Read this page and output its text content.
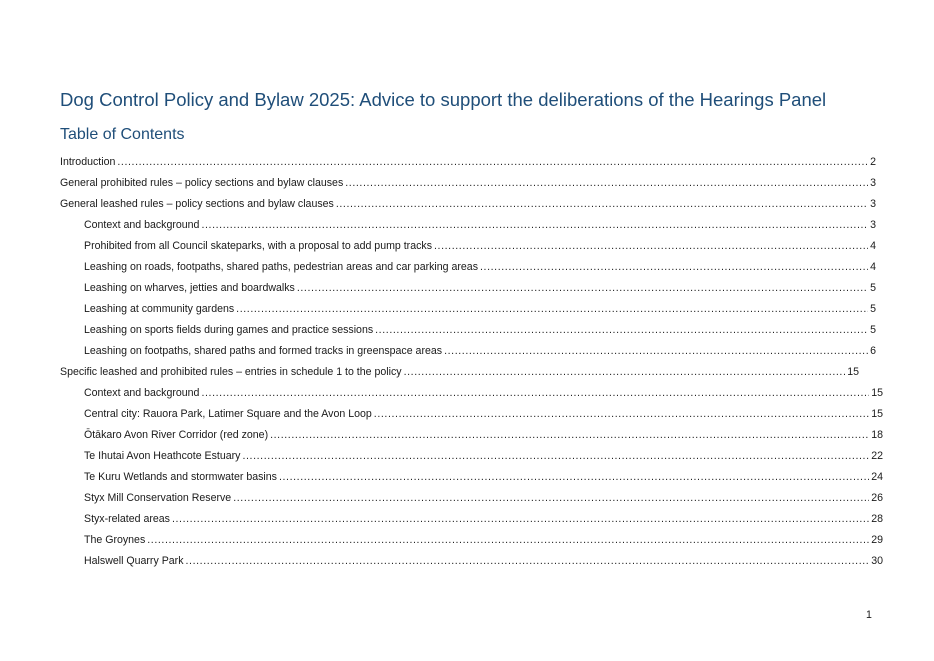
Dog Control Policy and Bylaw 2025: Advice to support the deliberations of the Hearings Panel
Table of Contents
Introduction .....	2
General prohibited rules – policy sections and bylaw clauses .....	3
General leashed rules – policy sections and bylaw clauses .....	3
Context and background .....	3
Prohibited from all Council skateparks, with a proposal to add pump tracks .....	4
Leashing on roads, footpaths, shared paths, pedestrian areas and car parking areas .....	4
Leashing on wharves, jetties and boardwalks .....	5
Leashing at community gardens .....	5
Leashing on sports fields during games and practice sessions .....	5
Leashing on footpaths, shared paths and formed tracks in greenspace areas .....	6
Specific leashed and prohibited rules – entries in schedule 1 to the policy .....	15
Context and background .....	15
Central city: Rauora Park, Latimer Square and the Avon Loop .....	15
Ōtākaro Avon River Corridor (red zone) .....	18
Te Ihutai Avon Heathcote Estuary .....	22
Te Kuru Wetlands and stormwater basins .....	24
Styx Mill Conservation Reserve .....	26
Styx-related areas .....	28
The Groynes .....	29
Halswell Quarry Park .....	30
1
